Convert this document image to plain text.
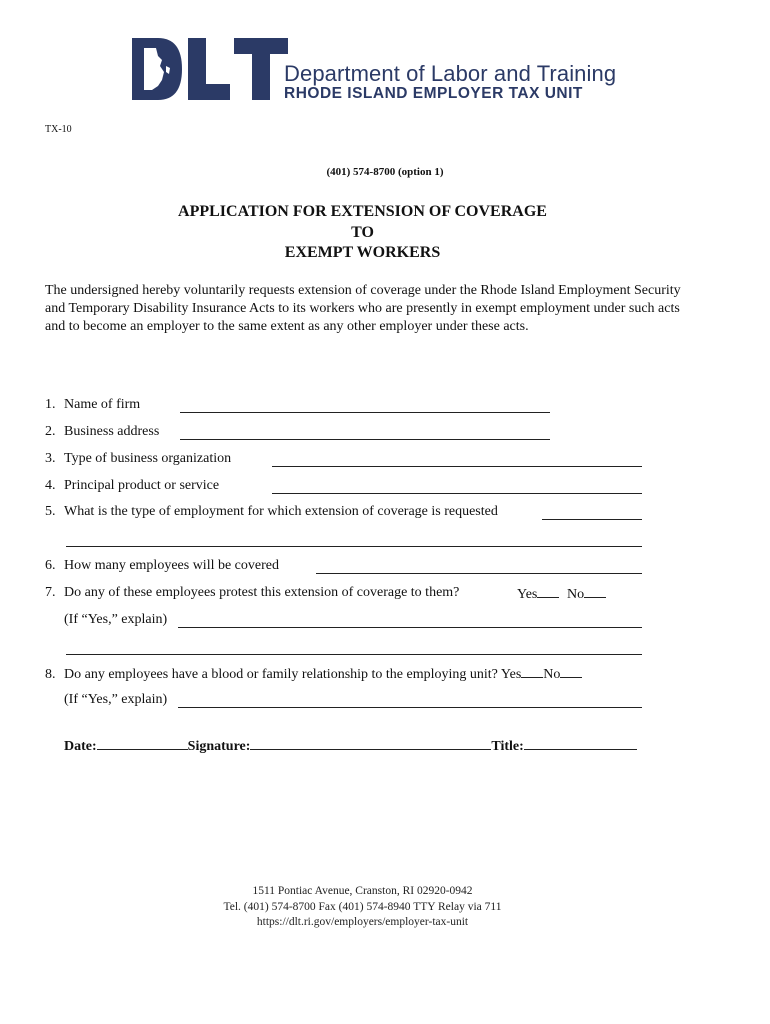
Department of Labor and Training
RHODE ISLAND EMPLOYER TAX UNIT
TX-10
(401) 574-8700 (option 1)
APPLICATION FOR EXTENSION OF COVERAGE
TO
EXEMPT WORKERS
The undersigned hereby voluntarily requests extension of coverage under the Rhode Island Employment Security and Temporary Disability Insurance Acts to its workers who are presently in exempt employment under such acts and to become an employer to the same extent as any other employer under these acts.
1. Name of firm
2. Business address
3. Type of business organization
4. Principal product or service
5. What is the type of employment for which extension of coverage is requested
6. How many employees will be covered
7. Do any of these employees protest this extension of coverage to them?	Yes	No
(If “Yes,” explain)
8. Do any employees have a blood or family relationship to the employing unit? Yes No
(If “Yes,” explain)
Date:	Signature:	Title:
1511 Pontiac Avenue, Cranston, RI 02920-0942
Tel. (401) 574-8700 Fax (401) 574-8940 TTY Relay via 711
https://dlt.ri.gov/employers/employer-tax-unit
